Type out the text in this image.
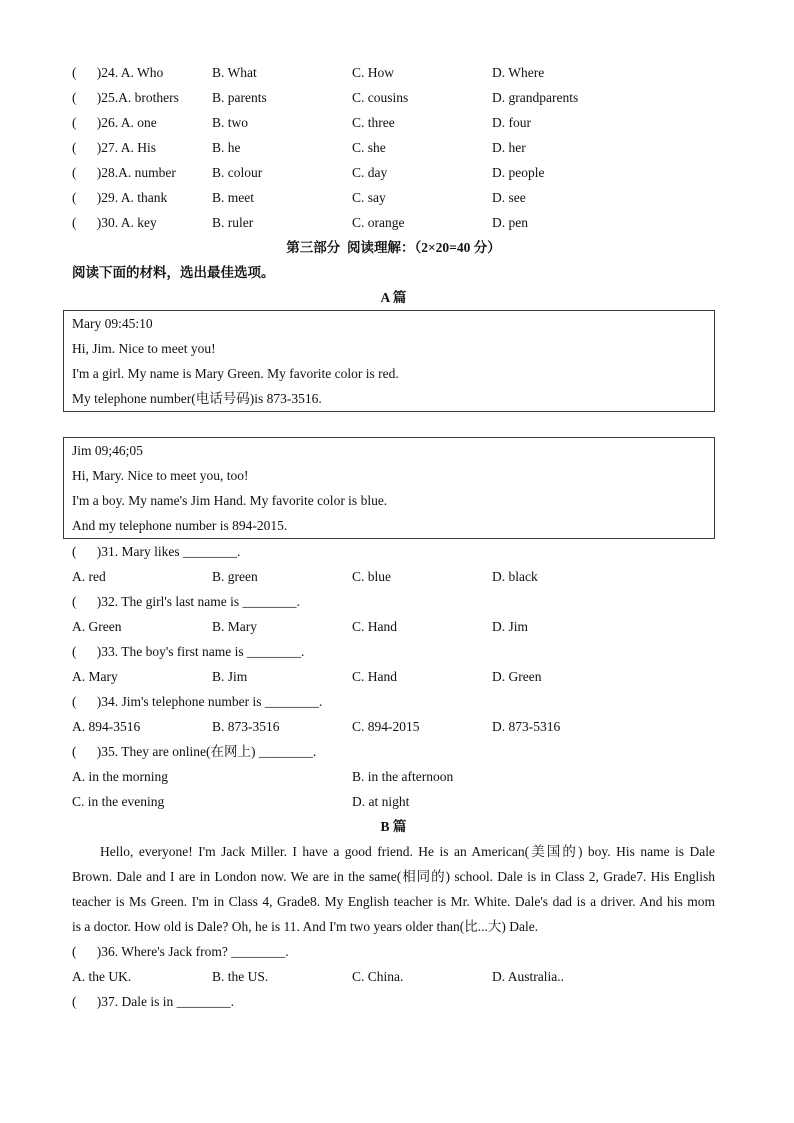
(      )24. A. Who	B. What	C. How	D. Where
(      )25.A. brothers	B. parents	C. cousins	D. grandparents
(      )26. A. one	B. two	C. three	D. four
(      )27. A. His	B. he	C. she	D. her
(      )28.A. number	B. colour	C. day	D. people
(      )29. A. thank	B. meet	C. say	D. see
(      )30. A. key	B. ruler	C. orange	D. pen
第三部分  阅读理解：（2×20=40 分）
阅读下面的材料，选出最佳选项。
A 篇
Mary 09:45:10
Hi, Jim. Nice to meet you!
I'm a girl. My name is Mary Green. My favorite color is red.
My telephone number(电话号码)is 873-3516.
Jim 09;46;05
Hi, Mary. Nice to meet you, too!
I'm a boy. My name's Jim Hand. My favorite color is blue.
And my telephone number is 894-2015.
(      )31. Mary likes ________.
A. red	B. green	C. blue	D. black
(      )32. The girl's last name is ________.
A. Green	B. Mary	C. Hand	D. Jim
(      )33. The boy's first name is ________.
A. Mary	B. Jim	C. Hand	D. Green
(      )34. Jim's telephone number is ________.
A. 894-3516	B. 873-3516	C. 894-2015	D. 873-5316
(      )35. They are online(在网上) ________.
A. in the morning	B. in the afternoon
C. in the evening	D. at night
B 篇
Hello, everyone! I'm Jack Miller. I have a good friend. He is an American(美国的) boy. His name is Dale
Brown. Dale and I are in London now. We are in the same(相同的) school. Dale is in Class 2, Grade7. His English
teacher is Ms Green. I'm in Class 4, Grade8. My English teacher is Mr. White. Dale's dad is a driver. And his mom
is a doctor. How old is Dale? Oh, he is 11. And I'm two years older than(比...大) Dale.
(      )36. Where's Jack from? ________.
A. the UK.	B. the US.	C. China.	D. Australia..
(      )37. Dale is in ________.
